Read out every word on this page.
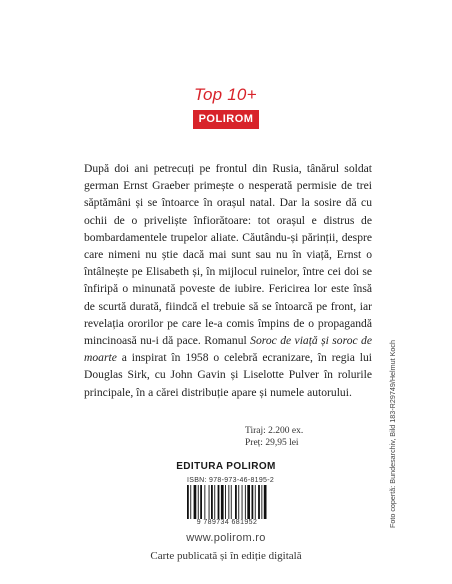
Top 10+
POLIROM

După doi ani petrecuți pe frontul din Rusia, tânărul soldat german Ernst Graeber primește o nesperată permisie de trei săptămâni și se întoarce în orașul natal. Dar la sosire dă cu ochii de o priveliște înfiorătoare: tot orașul e distrus de bombardamentele trupelor aliate. Căutându-și părinții, despre care nimeni nu știe dacă mai sunt sau nu în viață, Ernst o întâlnește pe Elisabeth și, în mijlocul ruinelor, între cei doi se înfiripă o minunată poveste de iubire. Fericirea lor este însă de scurtă durată, fiindcă el trebuie să se întoarcă pe front, iar revelația ororilor pe care le-a comis împins de o propagandă mincinoasă nu-i dă pace. Romanul Soroc de viață și soroc de moarte a inspirat în 1958 o celebră ecranizare, în regia lui Douglas Sirk, cu John Gavin și Liselotte Pulver în rolurile principale, în a cărei distribuție apare și numele autorului.

Tiraj: 2.200 ex.
Preț: 29,95 lei
EDITURA POLIROM
ISBN: 978-973-46-8195-2
9 789734 681952
www.polirom.ro
Carte publicată și în ediție digitală
Foto copertă: Bundesarchiv, Bild 183-R29749/Helmut Koch
